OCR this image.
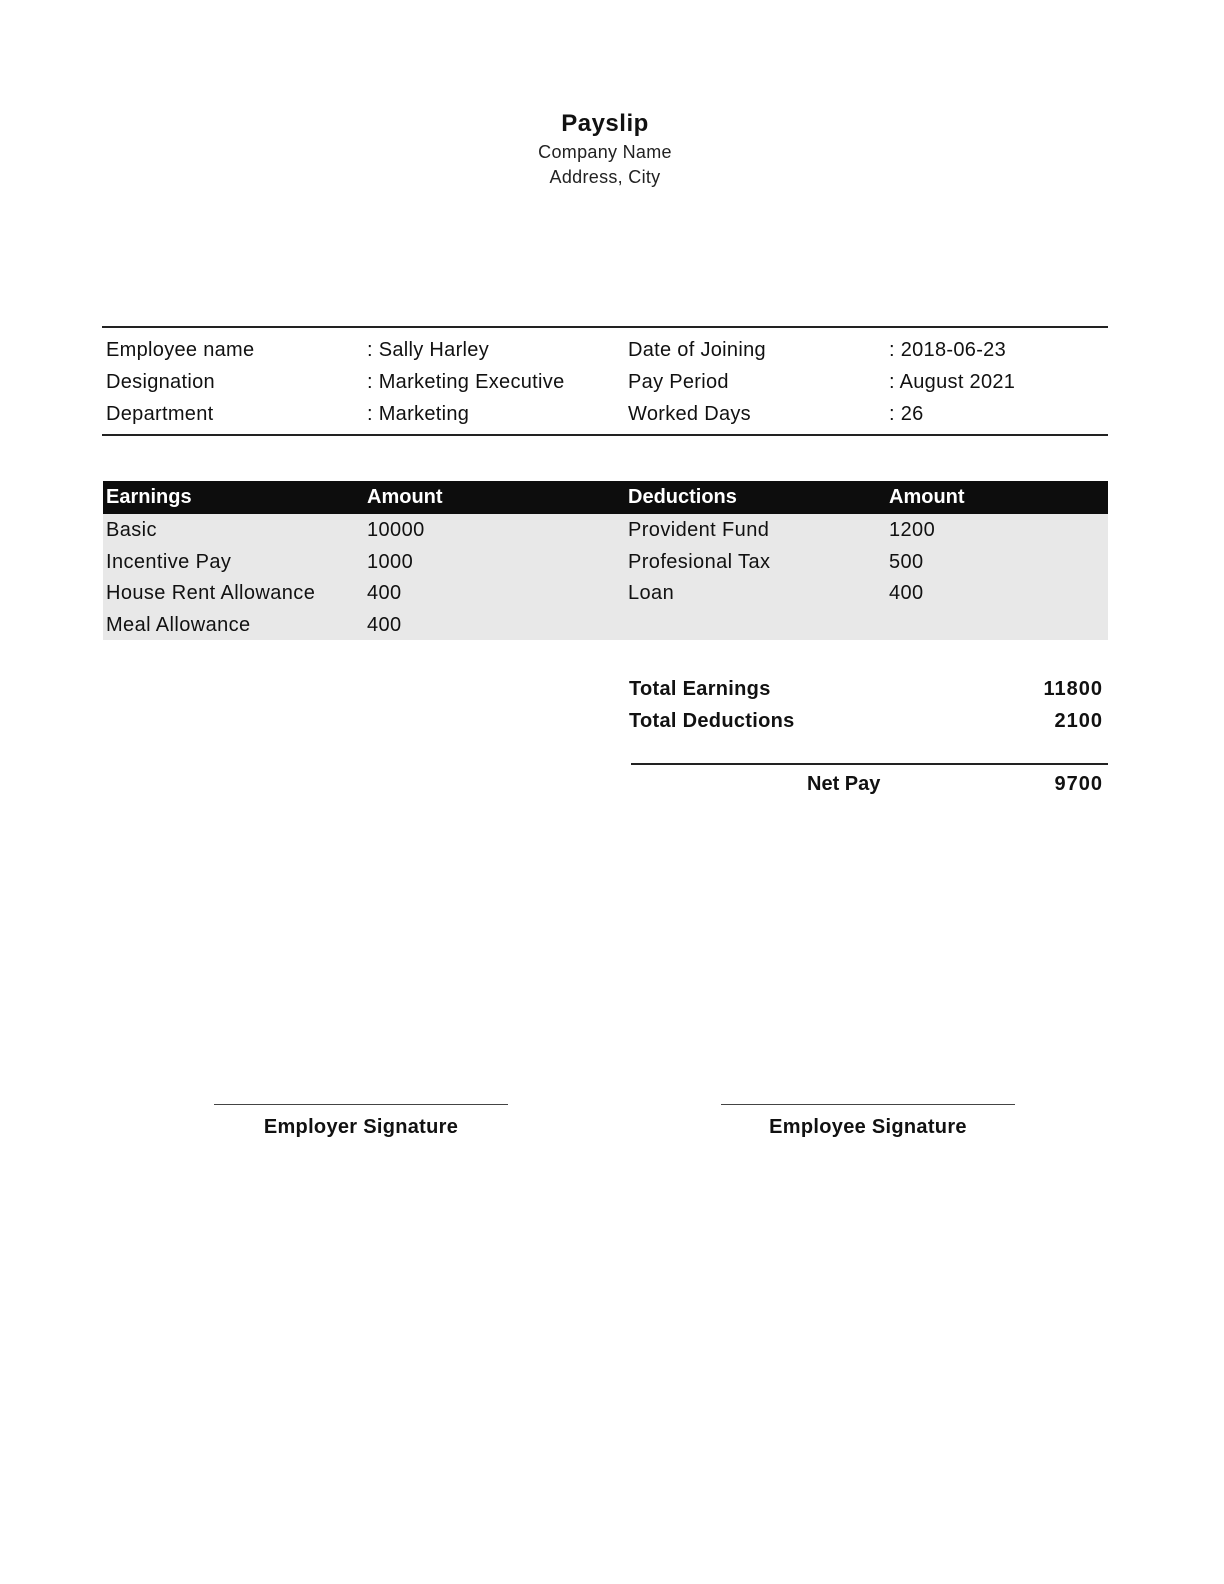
Payslip
Company Name
Address, City
Employee name	: Sally Harley	Date of Joining	: 2018-06-23
Designation	: Marketing Executive	Pay Period	: August 2021
Department	: Marketing	Worked Days	: 26
Earnings	Amount	Deductions	Amount
Basic	10000	Provident Fund	1200
Incentive Pay	1000	Profesional Tax	500
House Rent Allowance	400	Loan	400
Meal Allowance	400
Total Earnings	11800
Total Deductions	2100
Net Pay	9700
Employer Signature	Employee Signature
